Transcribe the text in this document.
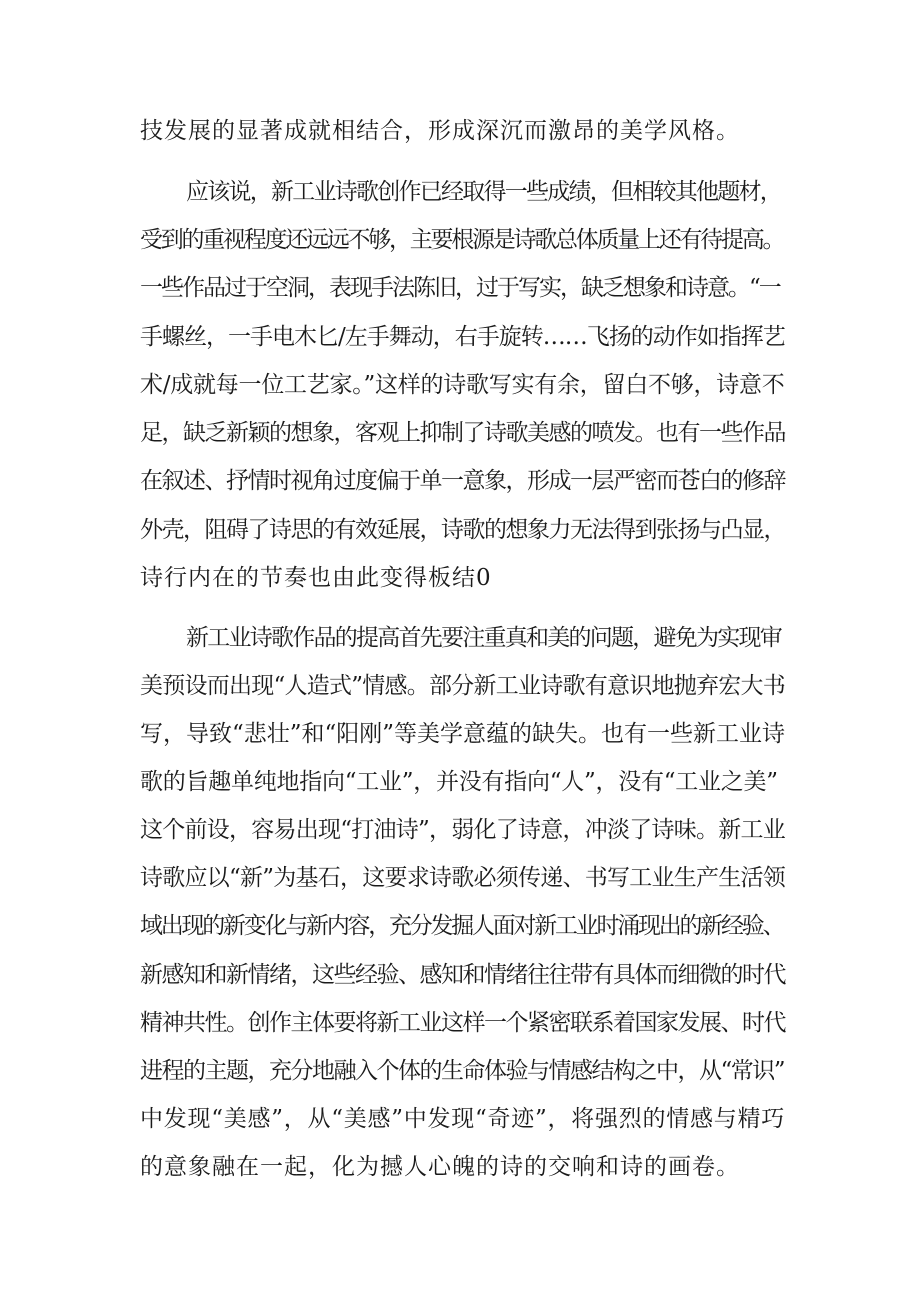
技发展的显著成就相结合，形成深沉而激昂的美学风格。
应该说，新工业诗歌创作已经取得一些成绩，但相较其他题材，
受到的重视程度还远远不够，主要根源是诗歌总体质量上还有待提高。
一些作品过于空洞，表现手法陈旧，过于写实，缺乏想象和诗意。“一
手螺丝，一手电木匕/左手舞动，右手旋转……飞扬的动作如指挥艺
术/成就每一位工艺家。”这样的诗歌写实有余，留白不够，诗意不
足，缺乏新颖的想象，客观上抑制了诗歌美感的喷发。也有一些作品
在叙述、抒情时视角过度偏于单一意象，形成一层严密而苍白的修辞
外壳，阻碍了诗思的有效延展，诗歌的想象力无法得到张扬与凸显，
诗行内在的节奏也由此变得板结0
新工业诗歌作品的提高首先要注重真和美的问题，避免为实现审
美预设而出现“人造式”情感。部分新工业诗歌有意识地抛弃宏大书
写，导致“悲壮”和“阳刚”等美学意蕴的缺失。也有一些新工业诗
歌的旨趣单纯地指向“工业”，并没有指向“人”，没有“工业之美”
这个前设，容易出现“打油诗”，弱化了诗意，冲淡了诗味。新工业
诗歌应以“新”为基石，这要求诗歌必须传递、书写工业生产生活领
域出现的新变化与新内容，充分发掘人面对新工业时涌现出的新经验、
新感知和新情绪，这些经验、感知和情绪往往带有具体而细微的时代
精神共性。创作主体要将新工业这样一个紧密联系着国家发展、时代
进程的主题，充分地融入个体的生命体验与情感结构之中，从“常识”
中发现“美感”，从“美感”中发现“奇迹”，将强烈的情感与精巧
的意象融在一起，化为撼人心魄的诗的交响和诗的画卷。
